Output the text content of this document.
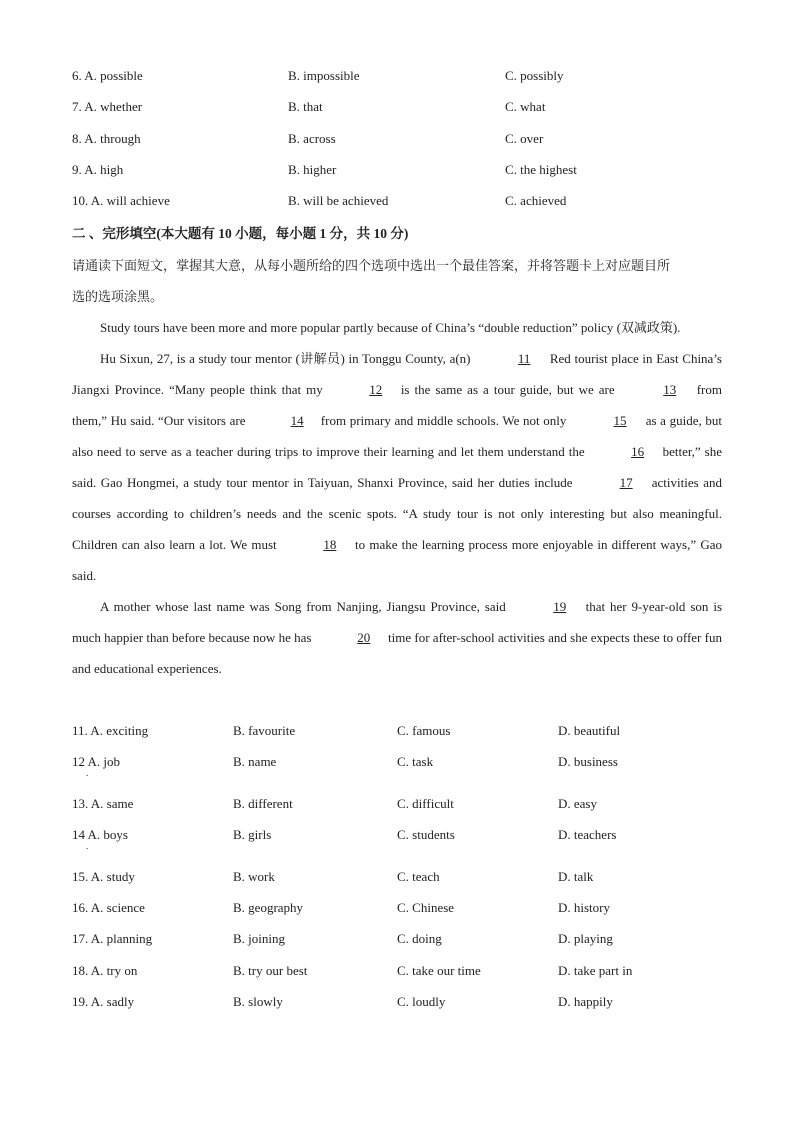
6. A. possible	B. impossible	C. possibly
7. A. whether	B. that	C. what
8. A. through	B. across	C. over
9. A. high	B. higher	C. the highest
10. A. will achieve	B. will be achieved	C. achieved
二 、完形填空(本大题有 10 小题，每小题 1 分，共 10 分)
请通读下面短文，掌握其大意，从每小题所给的四个选项中选出一个最佳答案，并将答题卡上对应题目所
选的选项涂黑。

Study tours have been more and more popular partly because of China’s “double reduction” policy (双减政策).

Hu Sixun, 27, is a study tour mentor (讲解员) in Tonggu County, a(n)	11 Red tourist place in East China’s Jiangxi Province. “Many people think that my	12 is the same as a tour guide, but we are	13 from them,” Hu said. “Our visitors are	14 from primary and middle schools. We not only	15 as a guide, but also need to serve as a teacher during trips to improve their learning and let them understand the	16 better,” she said. Gao Hongmei, a study tour mentor in Taiyuan, Shanxi Province, said her duties include	17 activities and courses according to children’s needs and the scenic spots. “A study tour is not only interesting but also meaningful. Children can also learn a lot. We must	18 to make the learning process more enjoyable in different ways,” Gao said.

A mother whose last name was Song from Nanjing, Jiangsu Province, said	19 that her 9-year-old son is much happier than before because now he has	20 time for after-school activities and she expects these to offer fun and educational experiences.

11. A. exciting	B. favourite	C. famous	D. beautiful
12 A. job	B. name	C. task	D. business
.
13. A. same	B. different	C. difficult	D. easy
14 A. boys	B. girls	C. students	D. teachers
.
15. A. study	B. work	C. teach	D. talk
16. A. science	B. geography	C. Chinese	D. history
17. A. planning	B. joining	C. doing	D. playing
18. A. try on	B. try our best	C. take our time	D. take part in
19. A. sadly	B. slowly	C. loudly	D. happily
